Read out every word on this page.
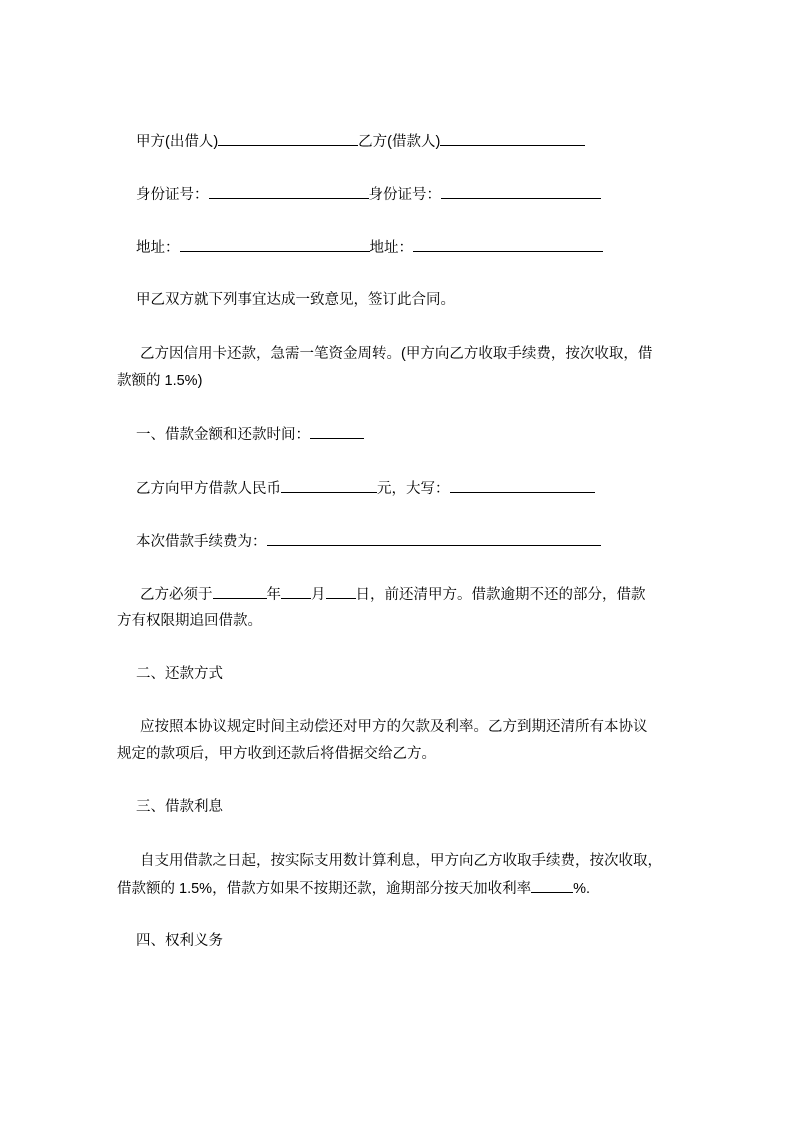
甲方(出借人)	乙方(借款人)
身份证号：	身份证号：
地址：	地址：
甲乙双方就下列事宜达成一致意见，签订此合同。
乙方因信用卡还款，急需一笔资金周转。(甲方向乙方收取手续费，按次收取，借
款额的 1.5%)
一、借款金额和还款时间：
乙方向甲方借款人民币	元，大写：
本次借款手续费为：
乙方必须于	年 月 日，前还清甲方。借款逾期不还的部分，借款
方有权限期追回借款。
二、还款方式
应按照本协议规定时间主动偿还对甲方的欠款及利率。乙方到期还清所有本协议
规定的款项后，甲方收到还款后将借据交给乙方。
三、借款利息
自支用借款之日起，按实际支用数计算利息，甲方向乙方收取手续费，按次收取，
借款额的 1.5%，借款方如果不按期还款，逾期部分按天加收利率	%.
四、权利义务
